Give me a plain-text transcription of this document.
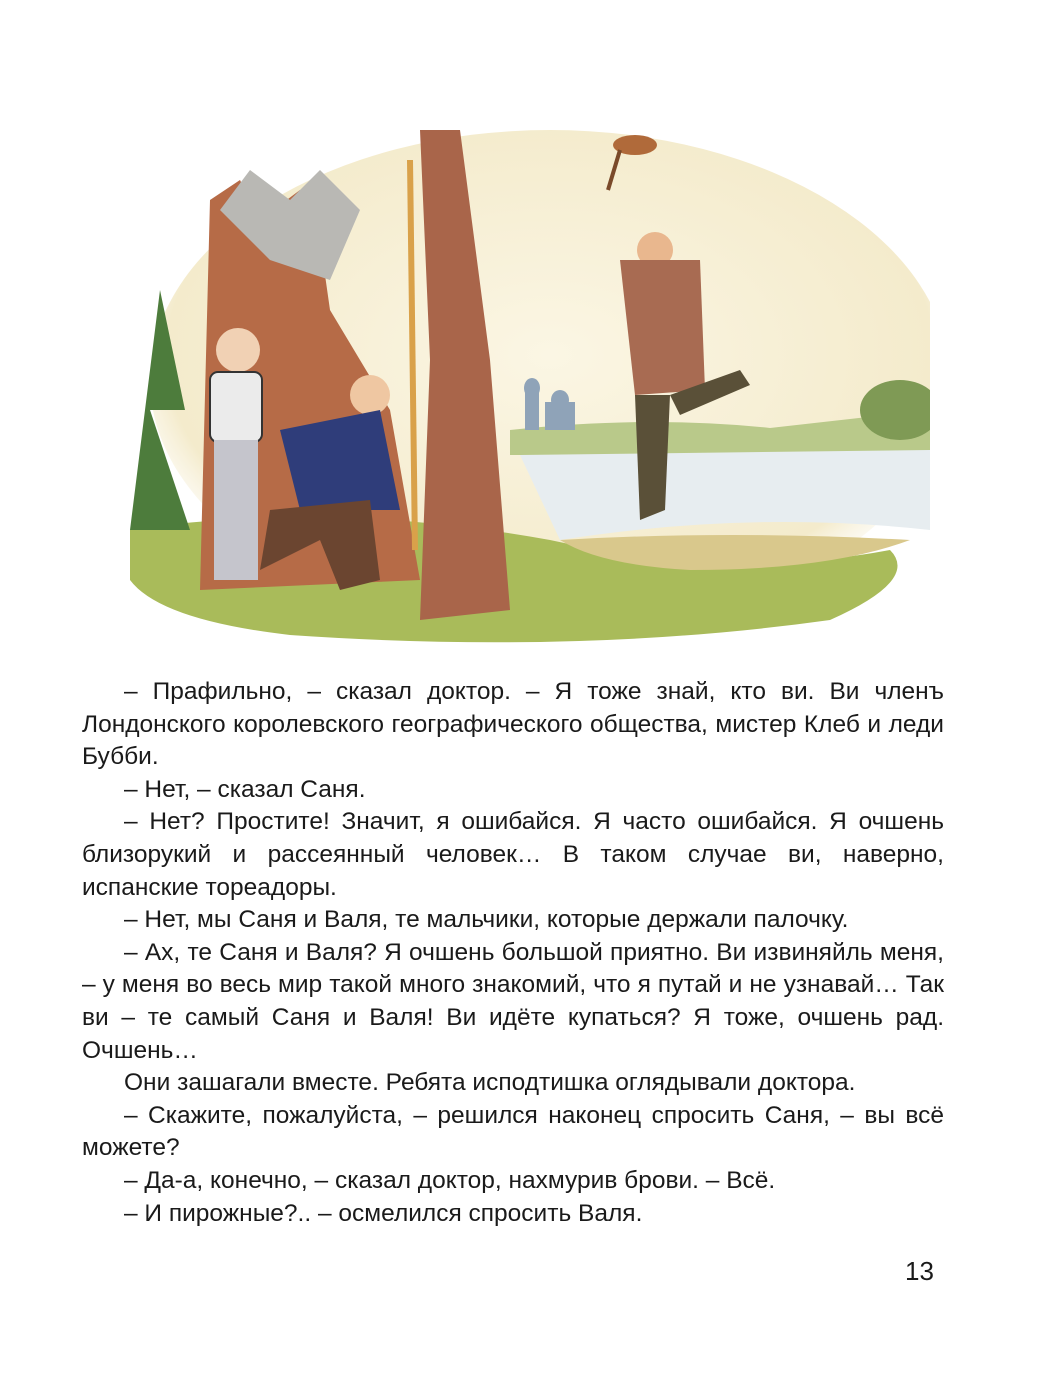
– Прафильно, – сказал доктор. – Я тоже знай, кто ви. Ви членъ Лондонского королевского географического общества, мистер Клеб и леди Бубби.

– Нет, – сказал Саня.

– Нет? Простите! Значит, я ошибайся. Я часто ошибайся. Я очшень близорукий и рассеянный человек… В таком случае ви, наверно, испанские тореадоры.

– Нет, мы Саня и Валя, те мальчики, которые держали палочку.

– Ах, те Саня и Валя? Я очшень большой приятно. Ви извиняйль меня, – у меня во весь мир такой много знакомий, что я путай и не узнавай… Так ви – те самый Саня и Валя! Ви идёте купаться? Я тоже, очшень рад. Очшень…

Они зашагали вместе. Ребята исподтишка оглядывали доктора.

– Скажите, пожалуйста, – решился наконец спросить Саня, – вы всё можете?

– Да-а, конечно, – сказал доктор, нахмурив брови. – Всё.

– И пирожные?.. – осмелился спросить Валя.

13
